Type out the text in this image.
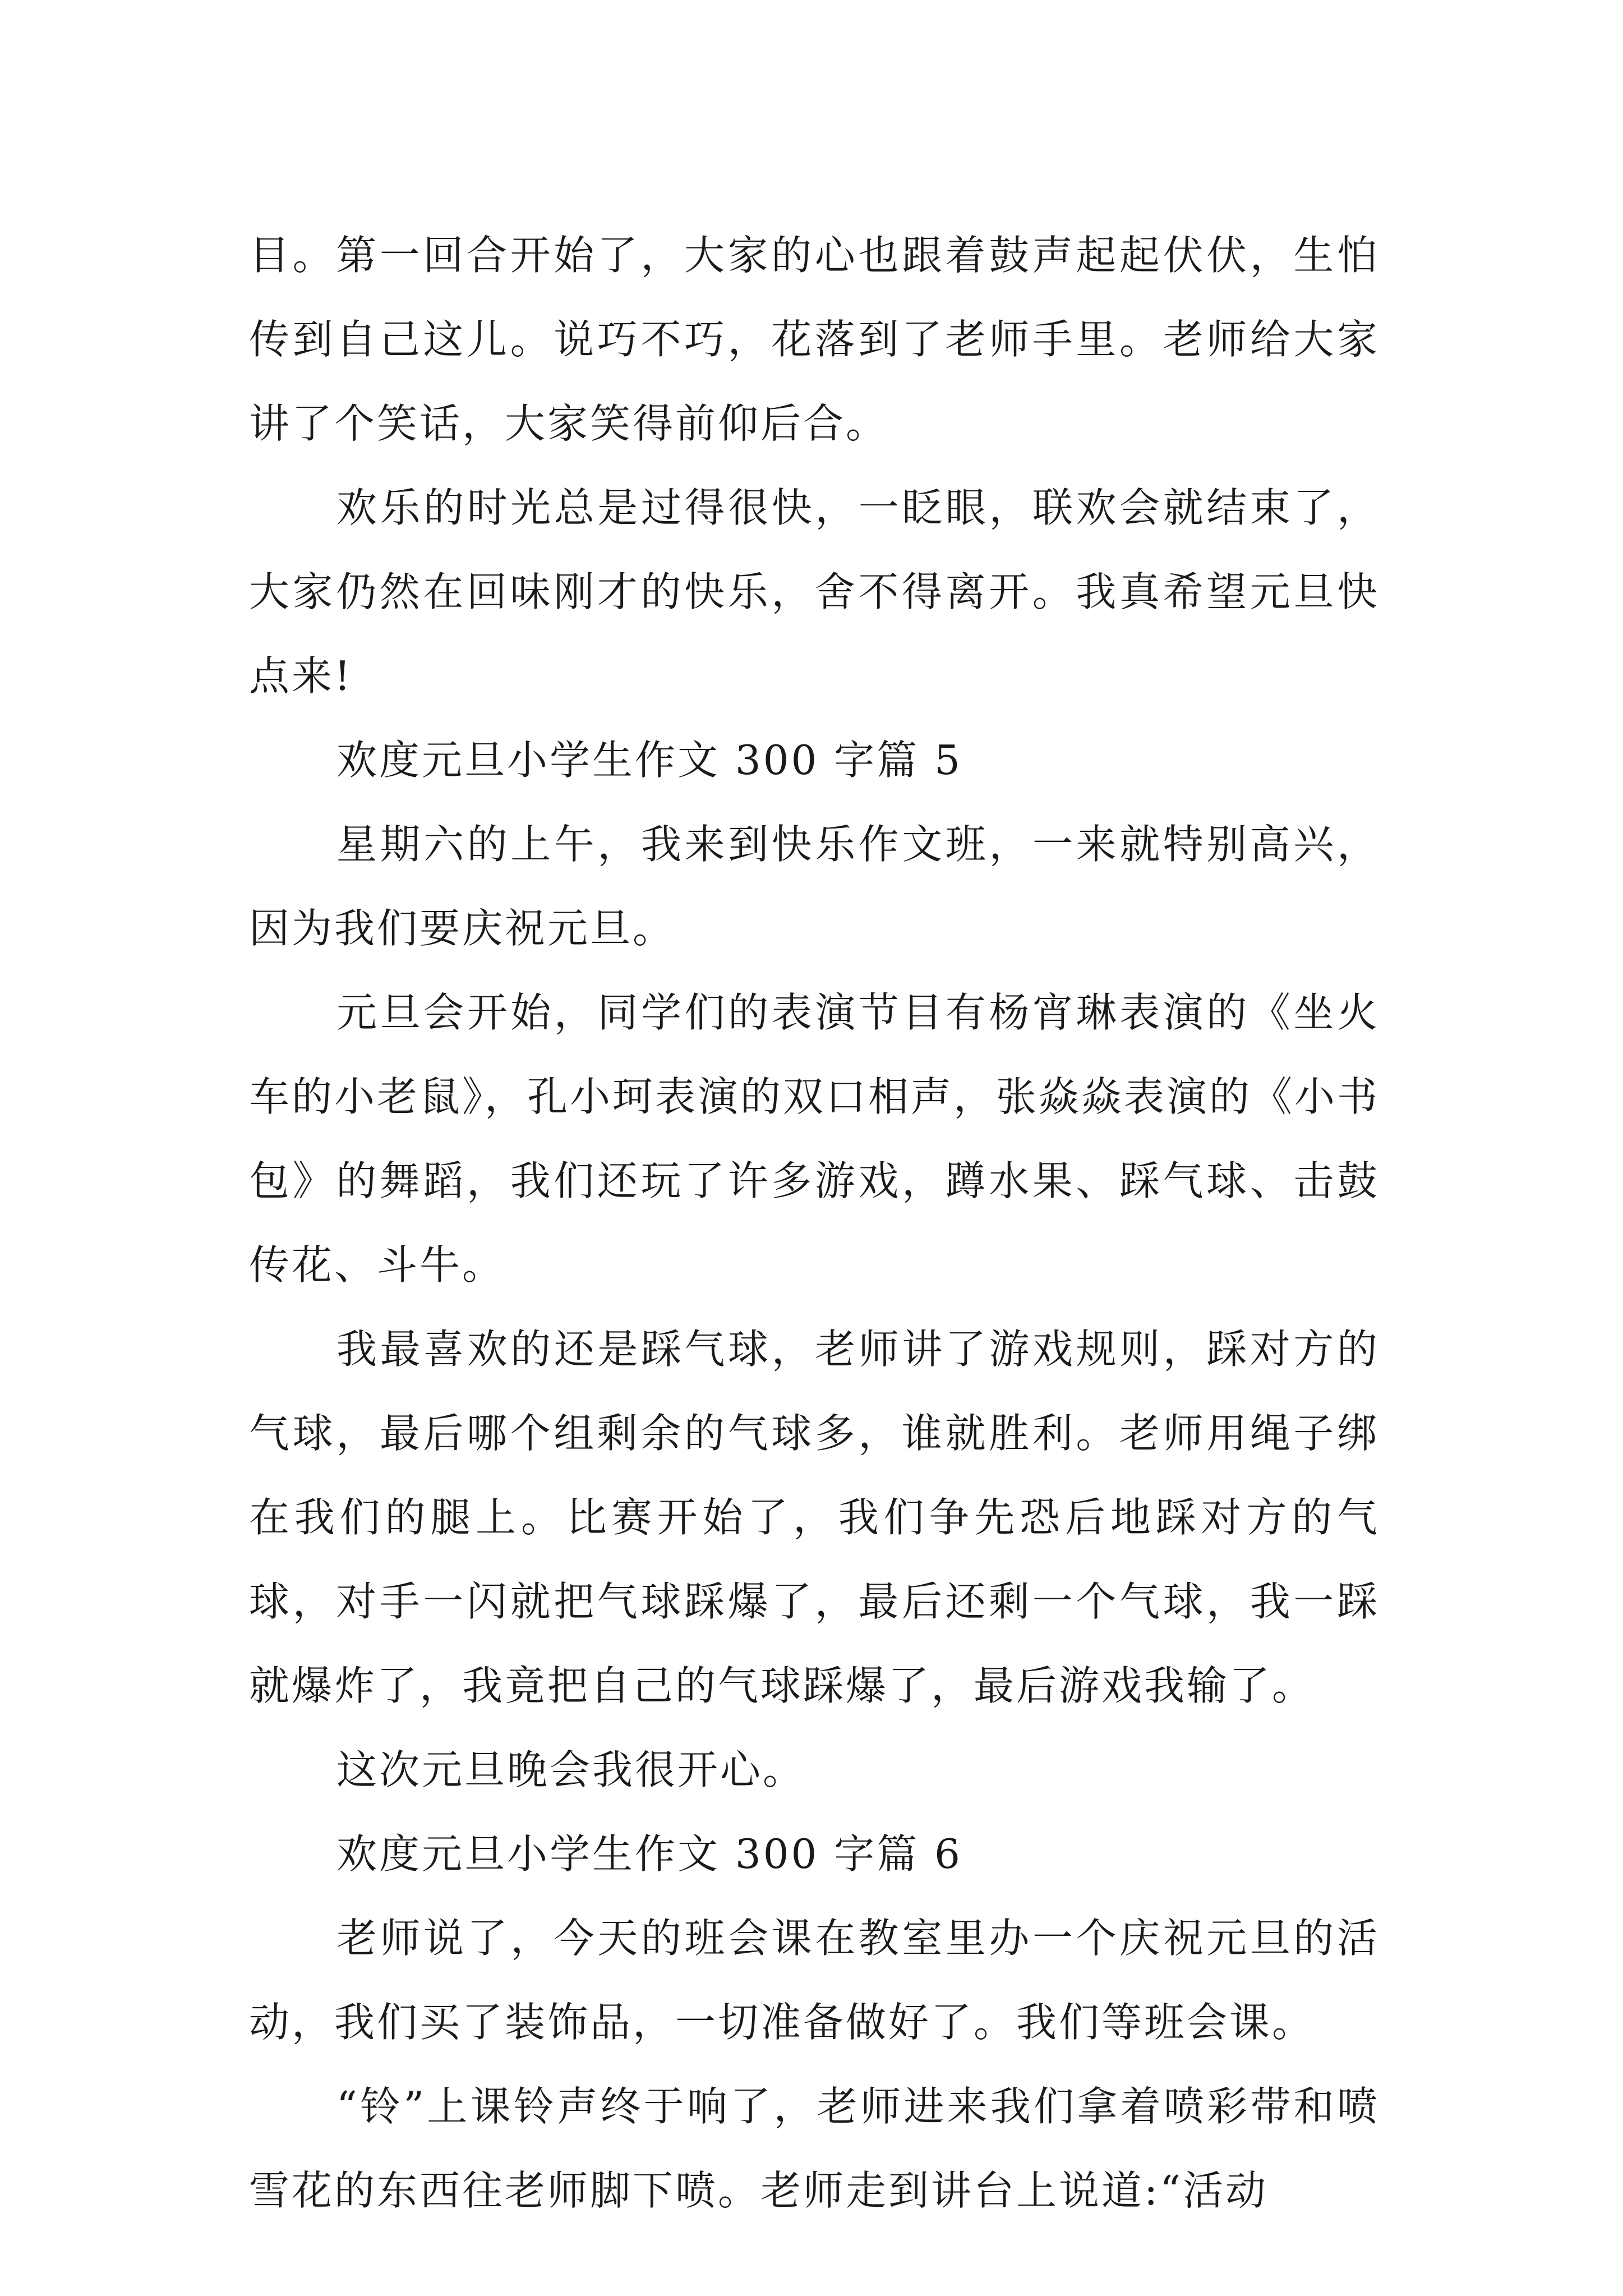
目。第一回合开始了，大家的心也跟着鼓声起起伏伏，生怕传到自己这儿。说巧不巧，花落到了老师手里。老师给大家讲了个笑话，大家笑得前仰后合。

欢乐的时光总是过得很快，一眨眼，联欢会就结束了，大家仍然在回味刚才的快乐，舍不得离开。我真希望元旦快点来!

欢度元旦小学生作文 300 字篇 5

星期六的上午，我来到快乐作文班，一来就特别高兴，因为我们要庆祝元旦。

元旦会开始，同学们的表演节目有杨宵琳表演的《坐火车的小老鼠》，孔小珂表演的双口相声，张焱焱表演的《小书包》的舞蹈，我们还玩了许多游戏，蹲水果、踩气球、击鼓传花、斗牛。

我最喜欢的还是踩气球，老师讲了游戏规则，踩对方的气球，最后哪个组剩余的气球多，谁就胜利。老师用绳子绑在我们的腿上。比赛开始了，我们争先恐后地踩对方的气球，对手一闪就把气球踩爆了，最后还剩一个气球，我一踩就爆炸了，我竟把自己的气球踩爆了，最后游戏我输了。

这次元旦晚会我很开心。

欢度元旦小学生作文 300 字篇 6

老师说了，今天的班会课在教室里办一个庆祝元旦的活动，我们买了装饰品，一切准备做好了。我们等班会课。

“铃”上课铃声终于响了，老师进来我们拿着喷彩带和喷雪花的东西往老师脚下喷。老师走到讲台上说道:“活动
